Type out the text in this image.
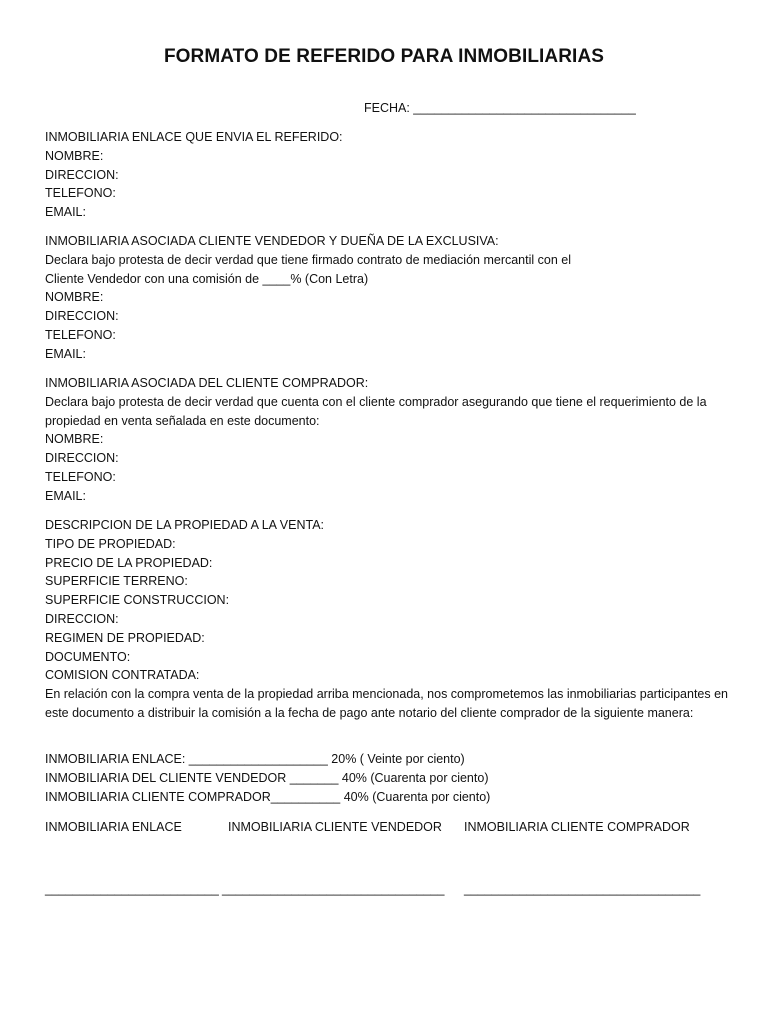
FORMATO DE REFERIDO PARA INMOBILIARIAS
FECHA: ________________________________

INMOBILIARIA ENLACE QUE ENVIA EL REFERIDO:

NOMBRE:

DIRECCION:

TELEFONO:

EMAIL:

INMOBILIARIA ASOCIADA CLIENTE VENDEDOR Y DUEÑA DE LA EXCLUSIVA:

Declara bajo protesta de decir verdad que tiene firmado contrato de mediación mercantil con el Cliente Vendedor con una comisión de ____% (Con Letra)

NOMBRE:

DIRECCION:

TELEFONO:

EMAIL:

INMOBILIARIA ASOCIADA DEL CLIENTE COMPRADOR:

Declara bajo protesta de decir verdad que cuenta con el cliente comprador asegurando que tiene el requerimiento de la propiedad en venta señalada en este documento:

NOMBRE:

DIRECCION:

TELEFONO:

EMAIL:

DESCRIPCION DE LA PROPIEDAD A LA VENTA:

TIPO DE PROPIEDAD:

PRECIO DE LA PROPIEDAD:

SUPERFICIE TERRENO:

SUPERFICIE CONSTRUCCION:

DIRECCION:

REGIMEN DE PROPIEDAD:

DOCUMENTO:

COMISION CONTRATADA:

En relación con la compra venta de la propiedad arriba mencionada, nos comprometemos las inmobiliarias participantes en este documento a distribuir la comisión a la fecha de pago ante notario del cliente comprador de la siguiente manera:

INMOBILIARIA ENLACE: ____________________ 20% ( Veinte por ciento)

INMOBILIARIA DEL CLIENTE VENDEDOR _______ 40% (Cuarenta por ciento)

INMOBILIARIA CLIENTE COMPRADOR__________ 40% (Cuarenta por ciento)

INMOBILIARIA ENLACE	INMOBILIARIA CLIENTE VENDEDOR INMOBILIARIA CLIENTE COMPRADOR
_________________________ ________________________________ __________________________________
